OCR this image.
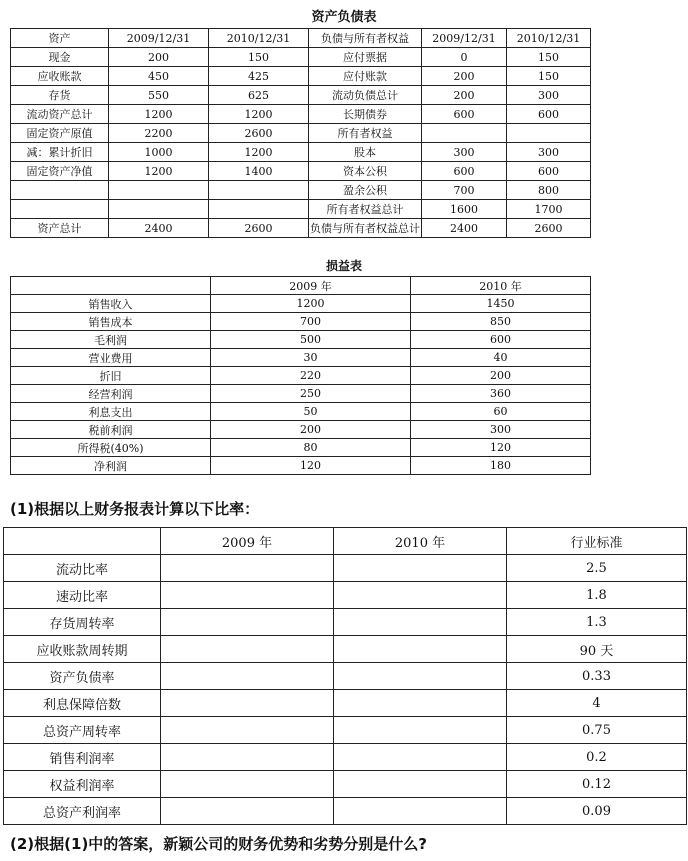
资产负债表
资产	2009/12/31	2010/12/31	负债与所有者权益	2009/12/31	2010/12/31
现金	200	150	应付票据	0	150
应收账款	450	425	应付账款	200	150
存货	550	625	流动负债总计	200	300
流动资产总计	1200	1200	长期债券	600	600
固定资产原值	2200	2600	所有者权益		
减：累计折旧	1000	1200	股本	300	300
固定资产净值	1200	1400	资本公积	600	600
			盈余公积	700	800
			所有者权益总计	1600	1700
资产总计	2400	2600	负债与所有者权益总计	2400	2600
损益表
	2009 年	2010 年
销售收入	1200	1450
销售成本	700	850
毛利润	500	600
营业费用	30	40
折旧	220	200
经营利润	250	360
利息支出	50	60
税前利润	200	300
所得税(40%)	80	120
净利润	120	180
(1)根据以上财务报表计算以下比率：
	2009 年	2010 年	行业标准
流动比率			2.5
速动比率			1.8
存货周转率			1.3
应收账款周转期			90 天
资产负债率			0.33
利息保障倍数			4
总资产周转率			0.75
销售利润率			0.2
权益利润率			0.12
总资产利润率			0.09
(2)根据(1)中的答案，新颖公司的财务优势和劣势分别是什么?
